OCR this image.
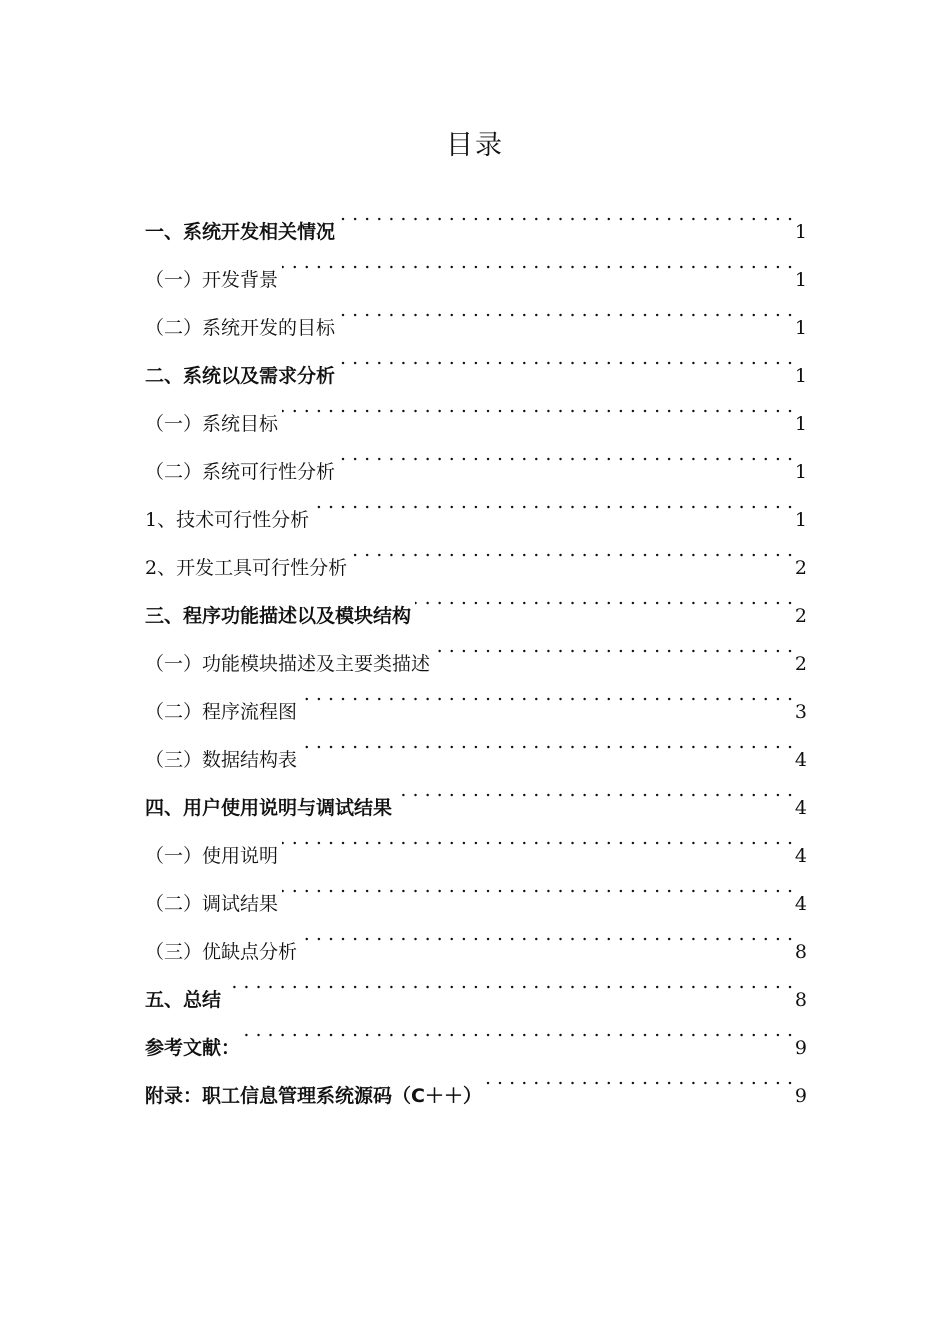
目录
一、系统开发相关情况 . . .	1
（一）开发背景 . . .	1
（二）系统开发的目标 . . .	1
二、系统以及需求分析 . . .	1
（一）系统目标 . . .	1
（二）系统可行性分析 . . .	1
1、技术可行性分析 . . .	1
2、开发工具可行性分析 . . .	2
三、程序功能描述以及模块结构 . . .	2
（一）功能模块描述及主要类描述 . . .	2
（二）程序流程图 . . .	3
（三）数据结构表 . . .	4
四、用户使用说明与调试结果 . . .	4
（一）使用说明 . . .	4
（二）调试结果 . . .	4
（三）优缺点分析 . . .	8
五、总结 . . .	8
参考文献： . . .	9
附录：职工信息管理系统源码（C＋＋） . . .	9
